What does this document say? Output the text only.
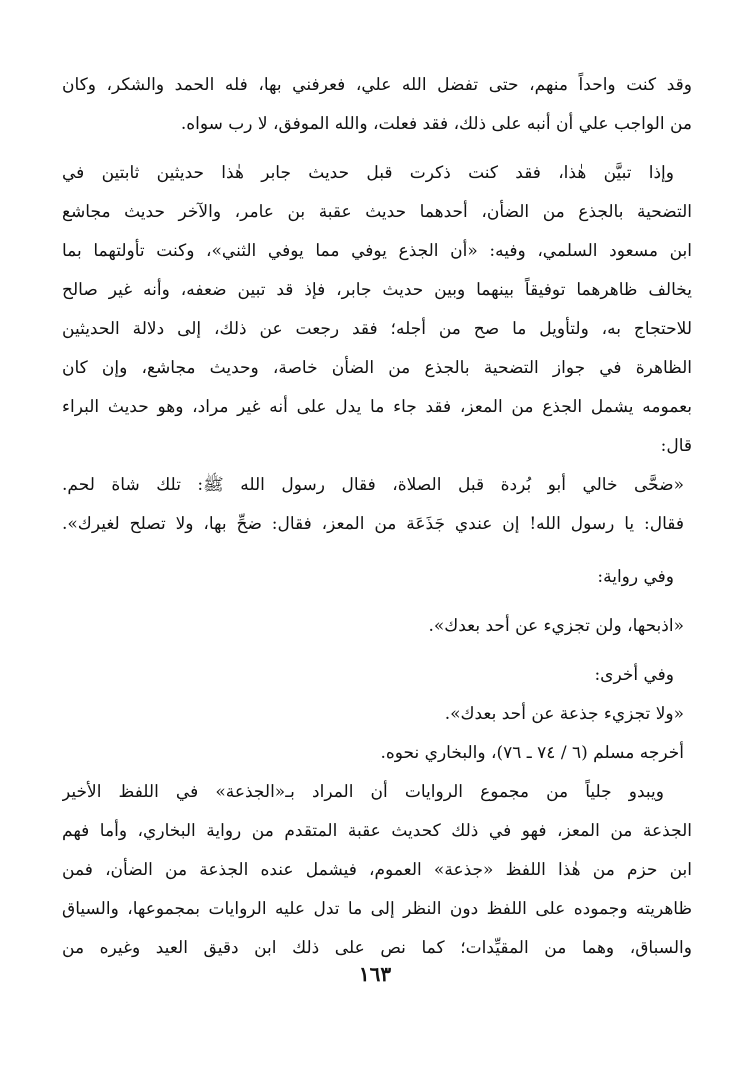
وقد كنت واحداً منهم، حتى تفضل الله علي، فعرفني بها، فله الحمد والشكر، وكان
من الواجب علي أن أنبه على ذلك، فقد فعلت، والله الموفق، لا رب سواه.
وإذا تبيَّن هٰذا، فقد كنت ذكرت قبل حديث جابر هٰذا حديثين ثابتين في
التضحية بالجذع من الضأن، أحدهما حديث عقبة بن عامر، والآخر حديث مجاشع
ابن مسعود السلمي، وفيه: «أن الجذع يوفي مما يوفي الثني»، وكنت تأولتهما بما
يخالف ظاهرهما توفيقاً بينهما وبين حديث جابر، فإذ قد تبين ضعفه، وأنه غير صالح
للاحتجاج به، ولتأويل ما صح من أجله؛ فقد رجعت عن ذلك، إلى دلالة الحديثين
الظاهرة في جواز التضحية بالجذع من الضأن خاصة، وحديث مجاشع، وإن كان
بعمومه يشمل الجذع من المعز، فقد جاء ما يدل على أنه غير مراد، وهو حديث البراء
قال:
«ضحَّى خالي أبو بُردة قبل الصلاة، فقال رسول الله ﷺ: تلك شاة لحم.
فقال: يا رسول الله! إن عندي جَذَعَة من المعز، فقال: ضحِّ بها، ولا تصلح لغيرك».
وفي رواية:
«اذبحها، ولن تجزيء عن أحد بعدك».
وفي أخرى:
«ولا تجزيء جذعة عن أحد بعدك».
أخرجه مسلم (٦ / ٧٤ ـ ٧٦)، والبخاري نحوه.
ويبدو جلياً من مجموع الروايات أن المراد بـ«الجذعة» في اللفظ الأخير
الجذعة من المعز، فهو في ذلك كحديث عقبة المتقدم من رواية البخاري، وأما فهم
ابن حزم من هٰذا اللفظ «جذعة» العموم، فيشمل عنده الجذعة من الضأن، فمن
ظاهريته وجموده على اللفظ دون النظر إلى ما تدل عليه الروايات بمجموعها، والسياق
والسباق، وهما من المقيِّدات؛ كما نص على ذلك ابن دقيق العيد وغيره من
١٦٣
